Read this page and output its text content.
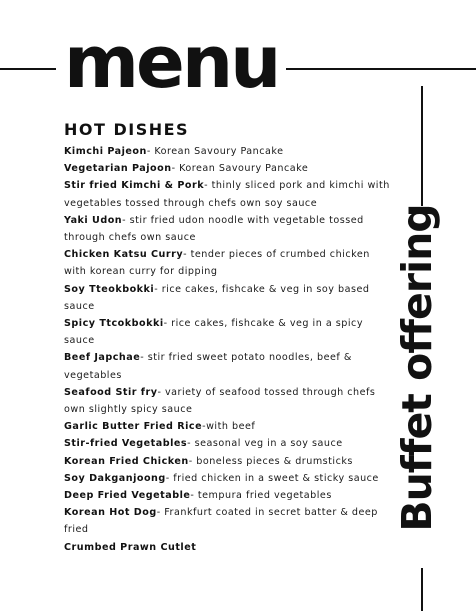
menu
HOT DISHES
Kimchi Pajeon- Korean Savoury Pancake
Vegetarian Pajoon- Korean Savoury Pancake
Stir fried Kimchi & Pork- thinly sliced pork and kimchi with vegetables tossed through chefs own soy sauce
Yaki Udon- stir fried udon noodle with vegetable tossed through chefs own sauce
Chicken Katsu Curry- tender pieces of crumbed chicken with korean curry for dipping
Soy Tteokbokki- rice cakes, fishcake & veg in soy based sauce
Spicy Ttcokbokki- rice cakes, fishcake & veg in a spicy sauce
Beef Japchae- stir fried sweet potato noodles, beef & vegetables
Seafood Stir fry- variety of seafood tossed through chefs own slightly spicy sauce
Garlic Butter Fried Rice-with beef
Stir-fried Vegetables- seasonal veg in a soy sauce
Korean Fried Chicken- boneless pieces & drumsticks
Soy Dakganjoong- fried chicken in a sweet & sticky sauce
Deep Fried Vegetable- tempura fried vegetables
Korean Hot Dog- Frankfurt coated in secret batter & deep fried
Crumbed Prawn Cutlet
Buffet offering
